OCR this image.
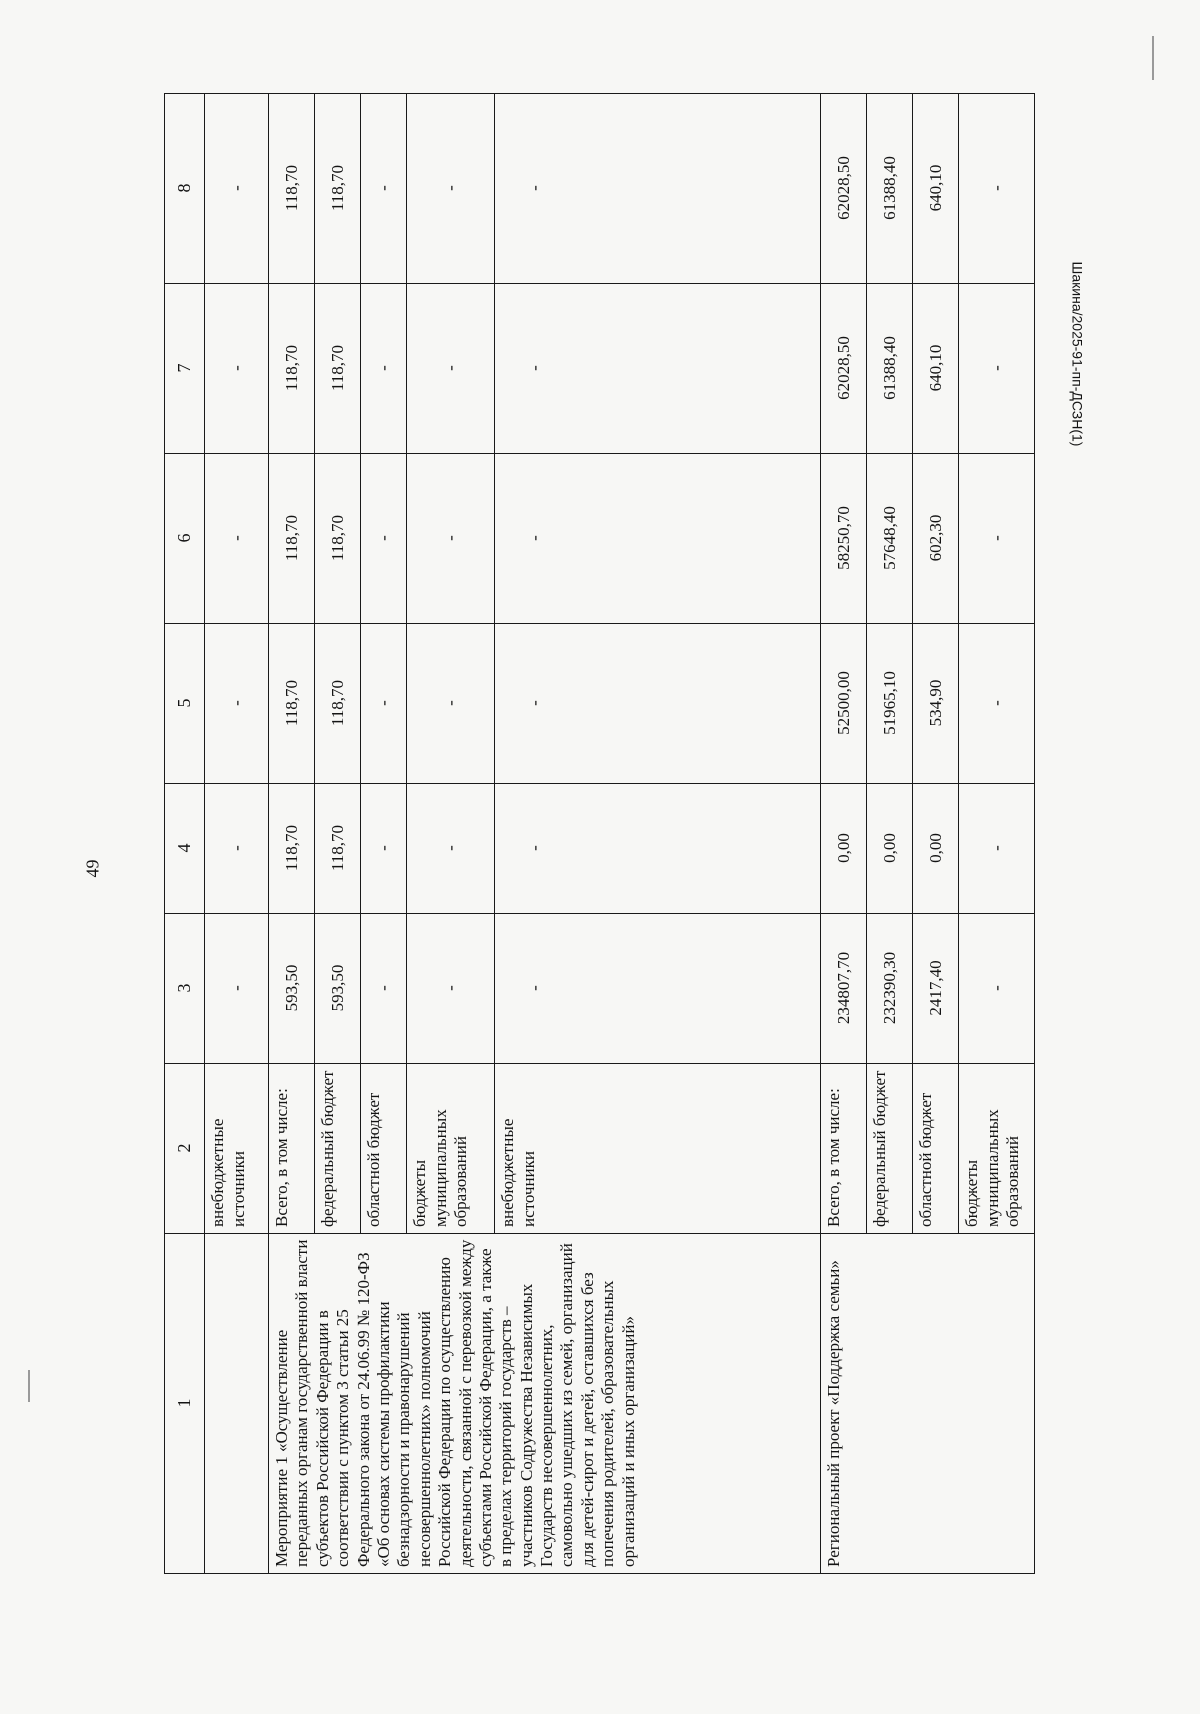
49
Шакина/2025-91-пп-ДСЗН(1)
1	2	3	4	5	6	7	8
	внебюджетные источники	-	-	-	-	-	-
Мероприятие 1 «Осуществление переданных органам государственной власти субъектов Российской Федерации в соответствии с пунктом 3 статьи 25 Федерального закона от 24.06.99 № 120-ФЗ «Об основах системы профилактики безнадзорности и правонарушений несовершеннолетних» полномочий Российской Федерации по осуществлению деятельности, связанной с перевозкой между субъектами Российской Федерации, а также в пределах территорий государств – участников Содружества Независимых Государств несовершеннолетних, самовольно ушедших из семей, организаций для детей-сирот и детей, оставшихся без попечения родителей, образовательных организаций и иных организаций»	Всего, в том числе:	593,50	118,70	118,70	118,70	118,70	118,70
	федеральный бюджет	593,50	118,70	118,70	118,70	118,70	118,70
	областной бюджет	-	-	-	-	-	-
	бюджеты муниципальных образований	-	-	-	-	-	-
	внебюджетные источники	-	-	-	-	-	-
Региональный проект «Поддержка семьи»	Всего, в том числе:	234807,70	0,00	52500,00	58250,70	62028,50	62028,50
	федеральный бюджет	232390,30	0,00	51965,10	57648,40	61388,40	61388,40
	областной бюджет	2417,40	0,00	534,90	602,30	640,10	640,10
	бюджеты муниципальных образований	-	-	-	-	-	-
